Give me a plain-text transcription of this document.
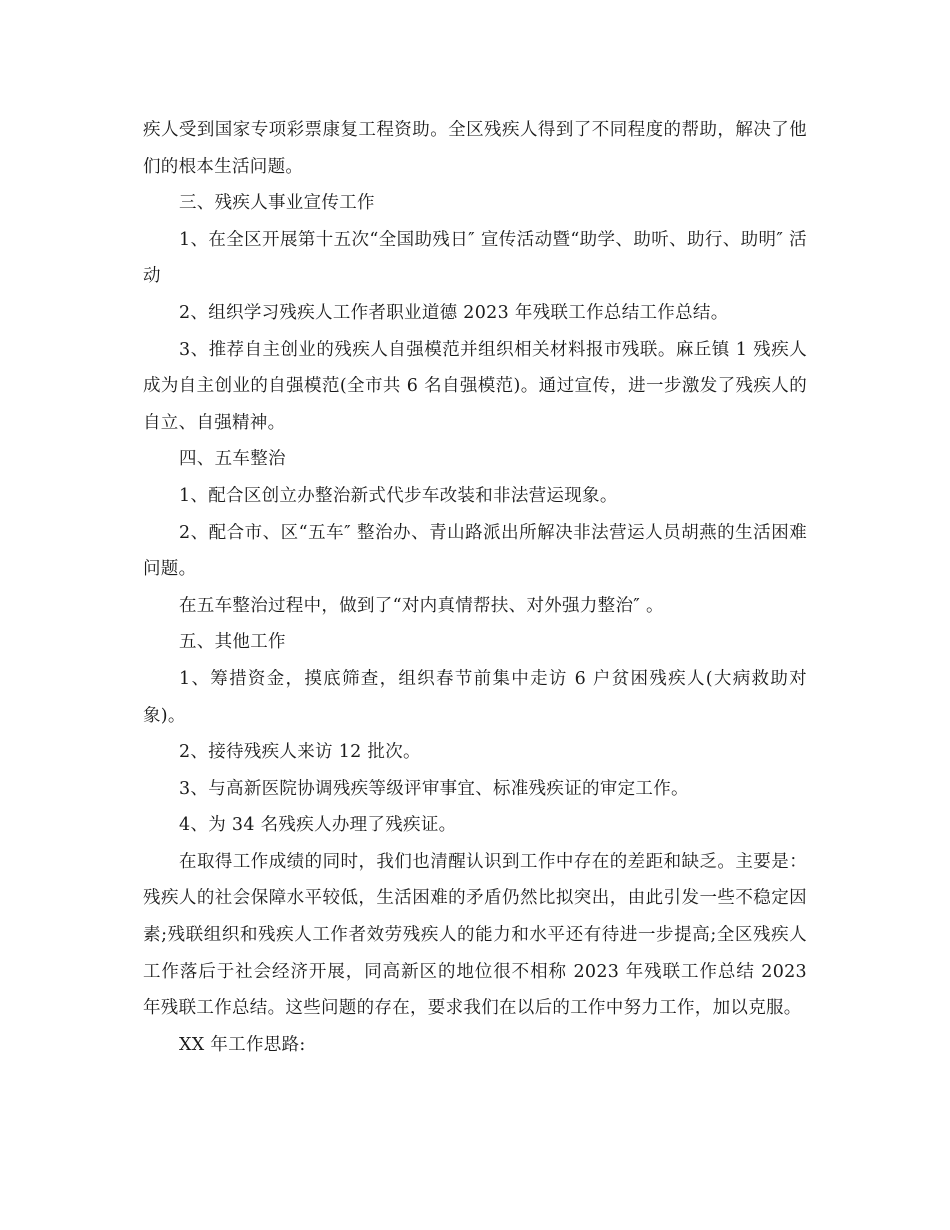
疾人受到国家专项彩票康复工程资助。全区残疾人得到了不同程度的帮助，解决了他们的根本生活问题。

三、残疾人事业宣传工作

1、在全区开展第十五次“全国助残日″ 宣传活动暨“助学、助听、助行、助明″ 活动

2、组织学习残疾人工作者职业道德 2023 年残联工作总结工作总结。

3、推荐自主创业的残疾人自强模范并组织相关材料报市残联。麻丘镇 1 残疾人成为自主创业的自强模范(全市共 6 名自强模范)。通过宣传，进一步激发了残疾人的自立、自强精神。

四、五车整治

1、配合区创立办整治新式代步车改装和非法营运现象。

2、配合市、区“五车″ 整治办、青山路派出所解决非法营运人员胡燕的生活困难问题。

在五车整治过程中，做到了“对内真情帮扶、对外强力整治″ 。

五、其他工作

1、筹措资金，摸底筛查，组织春节前集中走访 6 户贫困残疾人(大病救助对象)。

2、接待残疾人来访 12 批次。

3、与高新医院协调残疾等级评审事宜、标准残疾证的审定工作。

4、为 34 名残疾人办理了残疾证。

在取得工作成绩的同时，我们也清醒认识到工作中存在的差距和缺乏。主要是：残疾人的社会保障水平较低，生活困难的矛盾仍然比拟突出，由此引发一些不稳定因素;残联组织和残疾人工作者效劳残疾人的能力和水平还有待进一步提高;全区残疾人工作落后于社会经济开展，同高新区的地位很不相称 2023 年残联工作总结 2023 年残联工作总结。这些问题的存在，要求我们在以后的工作中努力工作，加以克服。

XX 年工作思路:
